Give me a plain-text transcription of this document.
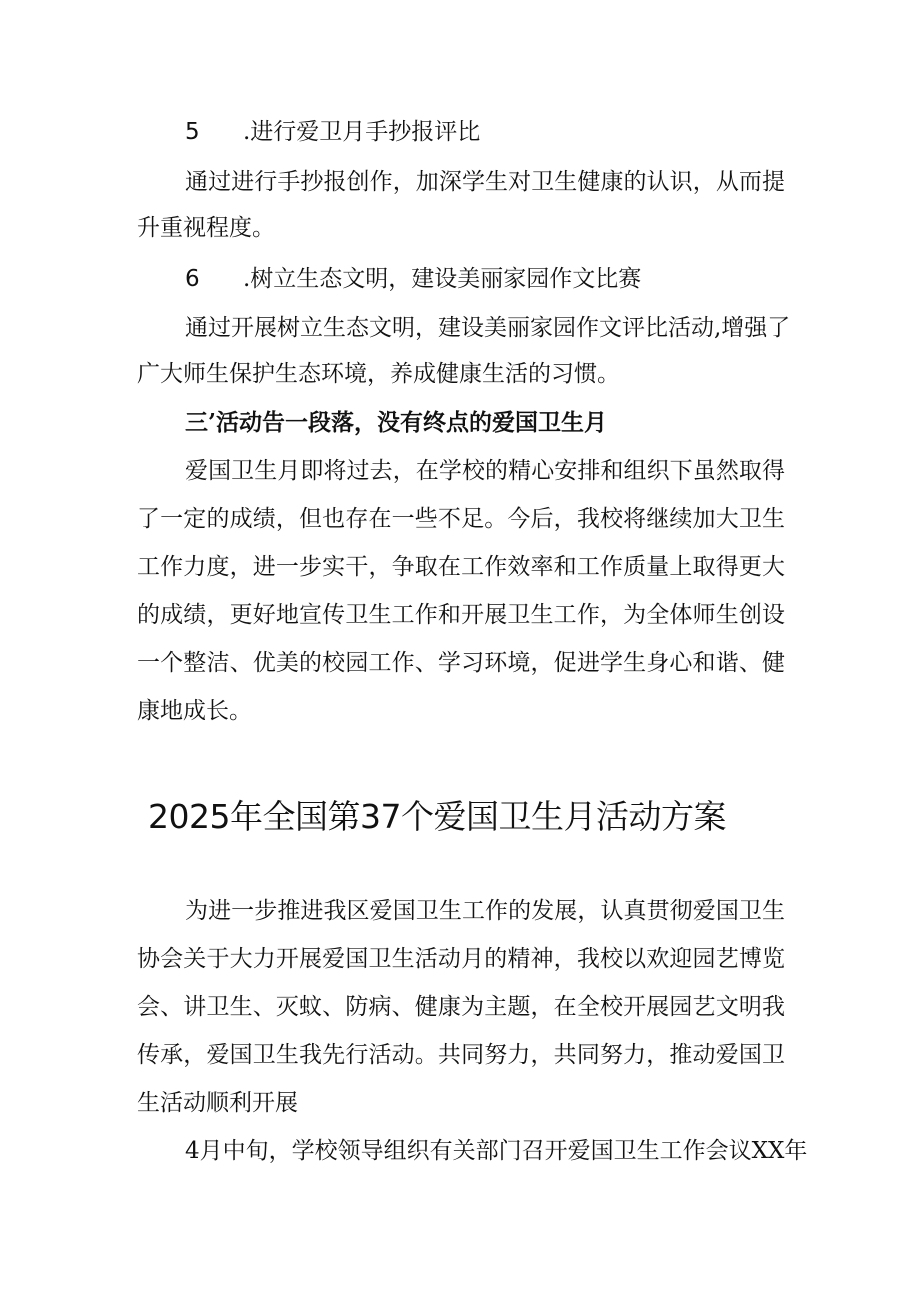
5 .进行爱卫月手抄报评比

通过进行手抄报创作，加深学生对卫生健康的认识，从而提

升重视程度。

6 .树立生态文明，建设美丽家园作文比赛

通过开展树立生态文明，建设美丽家园作文评比活动,增强了

广大师生保护生态环境，养成健康生活的习惯。

三’活动告一段落，没有终点的爱国卫生月

爱国卫生月即将过去，在学校的精心安排和组织下虽然取得

了一定的成绩，但也存在一些不足。今后，我校将继续加大卫生

工作力度，进一步实干，争取在工作效率和工作质量上取得更大

的成绩，更好地宣传卫生工作和开展卫生工作，为全体师生创设

一个整洁、优美的校园工作、学习环境，促进学生身心和谐、健

康地成长。

2025年全国第37个爱国卫生月活动方案

为进一步推进我区爱国卫生工作的发展，认真贯彻爱国卫生

协会关于大力开展爱国卫生活动月的精神，我校以欢迎园艺博览

会、讲卫生、灭蚊、防病、健康为主题，在全校开展园艺文明我

传承，爱国卫生我先行活动。共同努力，共同努力，推动爱国卫

生活动顺利开展

4月中旬，学校领导组织有关部门召开爱国卫生工作会议XX年
